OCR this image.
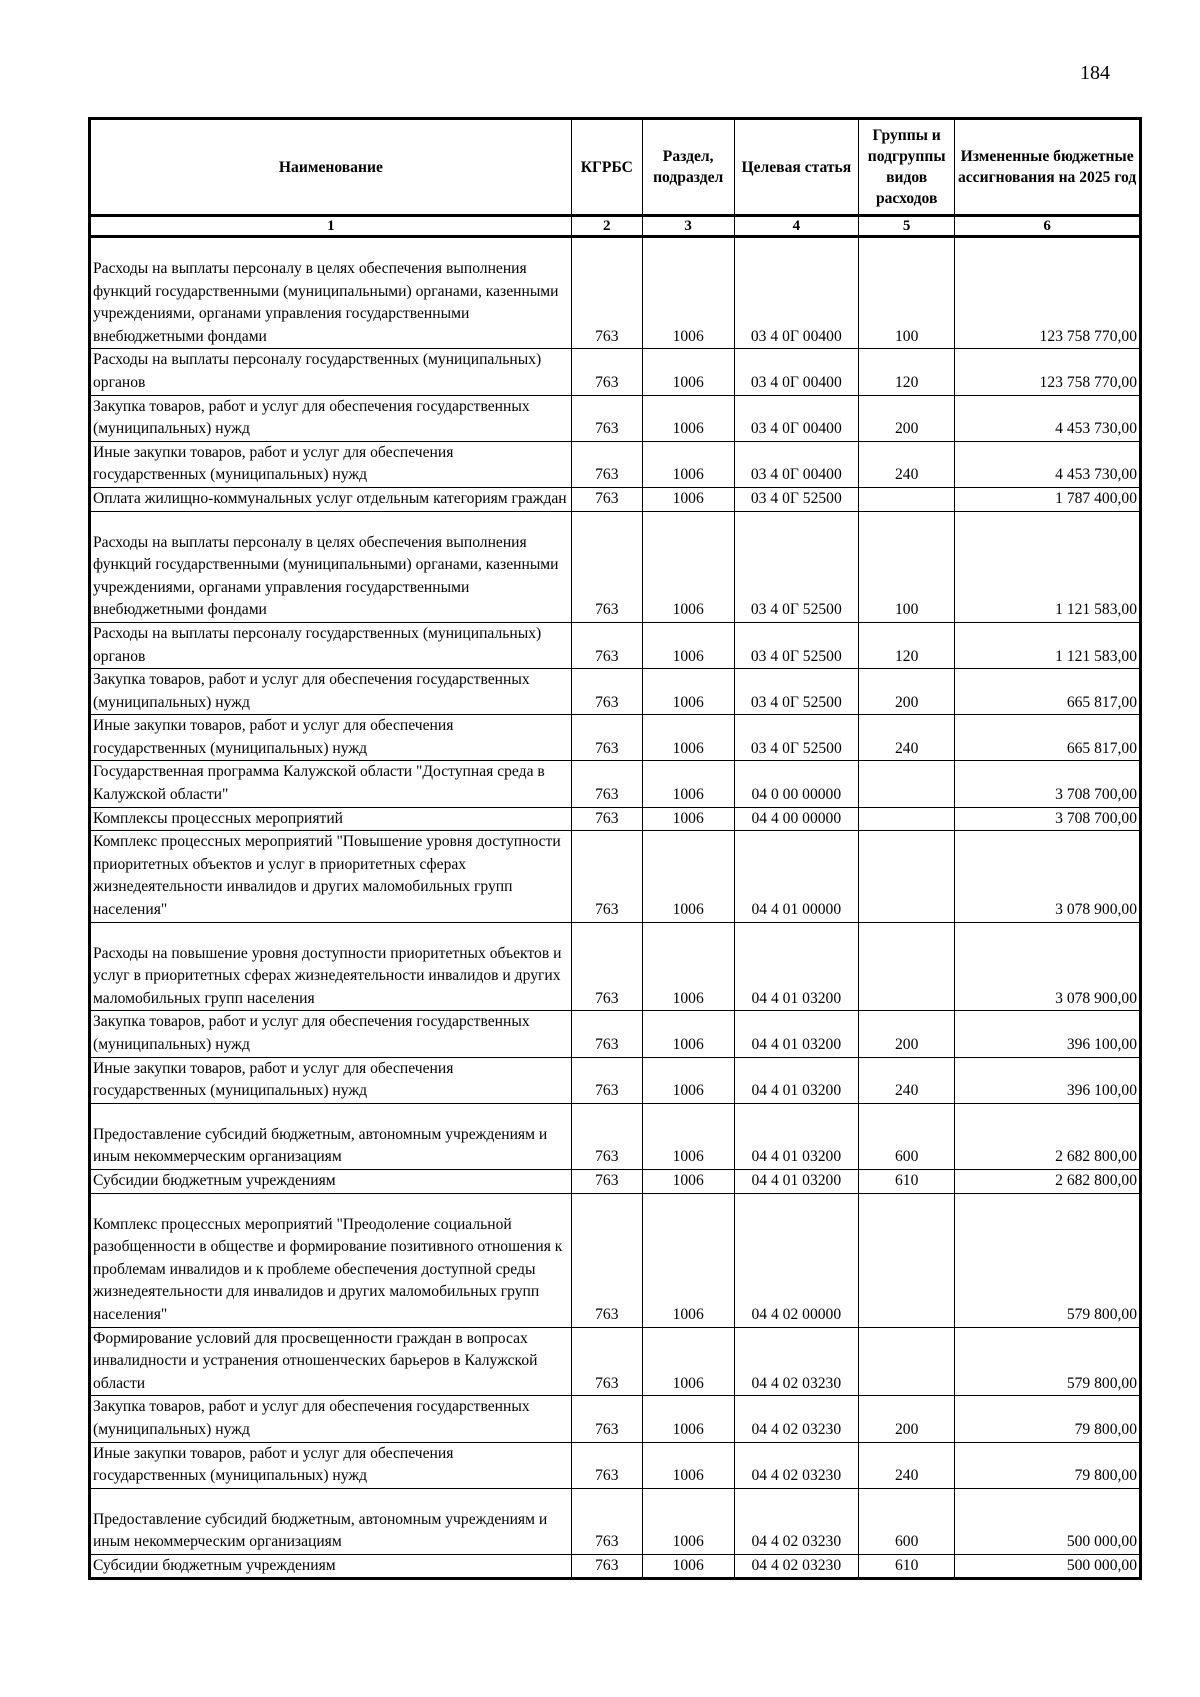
184
Наименование	КГРБС	Раздел, подраздел	Целевая статья	Группы и подгруппы видов расходов	Измененные бюджетные ассигнования на 2025 год
1	2	3	4	5	6
Расходы на выплаты персоналу в целях обеспечения выполнения функций государственными (муниципальными) органами, казенными учреждениями, органами управления государственными внебюджетными фондами	763	1006	03 4 0Г 00400	100	123 758 770,00
Расходы на выплаты персоналу государственных (муниципальных) органов	763	1006	03 4 0Г 00400	120	123 758 770,00
Закупка товаров, работ и услуг для обеспечения государственных (муниципальных) нужд	763	1006	03 4 0Г 00400	200	4 453 730,00
Иные закупки товаров, работ и услуг для обеспечения государственных (муниципальных) нужд	763	1006	03 4 0Г 00400	240	4 453 730,00
Оплата жилищно-коммунальных услуг отдельным категориям граждан	763	1006	03 4 0Г 52500		1 787 400,00
Расходы на выплаты персоналу в целях обеспечения выполнения функций государственными (муниципальными) органами, казенными учреждениями, органами управления государственными внебюджетными фондами	763	1006	03 4 0Г 52500	100	1 121 583,00
Расходы на выплаты персоналу государственных (муниципальных) органов	763	1006	03 4 0Г 52500	120	1 121 583,00
Закупка товаров, работ и услуг для обеспечения государственных (муниципальных) нужд	763	1006	03 4 0Г 52500	200	665 817,00
Иные закупки товаров, работ и услуг для обеспечения государственных (муниципальных) нужд	763	1006	03 4 0Г 52500	240	665 817,00
Государственная программа Калужской области "Доступная среда в Калужской области"	763	1006	04 0 00 00000		3 708 700,00
Комплексы процессных мероприятий	763	1006	04 4 00 00000		3 708 700,00
Комплекс процессных мероприятий "Повышение уровня доступности приоритетных объектов и услуг в приоритетных сферах жизнедеятельности инвалидов и других маломобильных групп населения"	763	1006	04 4 01 00000		3 078 900,00
Расходы на повышение уровня доступности приоритетных объектов и услуг в приоритетных сферах жизнедеятельности инвалидов и других маломобильных групп населения	763	1006	04 4 01 03200		3 078 900,00
Закупка товаров, работ и услуг для обеспечения государственных (муниципальных) нужд	763	1006	04 4 01 03200	200	396 100,00
Иные закупки товаров, работ и услуг для обеспечения государственных (муниципальных) нужд	763	1006	04 4 01 03200	240	396 100,00
Предоставление субсидий бюджетным, автономным учреждениям и иным некоммерческим организациям	763	1006	04 4 01 03200	600	2 682 800,00
Субсидии бюджетным учреждениям	763	1006	04 4 01 03200	610	2 682 800,00
Комплекс процессных мероприятий "Преодоление социальной разобщенности в обществе и формирование позитивного отношения к проблемам инвалидов и к проблеме обеспечения доступной среды жизнедеятельности для инвалидов и других маломобильных групп населения"	763	1006	04 4 02 00000		579 800,00
Формирование условий для просвещенности граждан в вопросах инвалидности и устранения отношенческих барьеров в Калужской области	763	1006	04 4 02 03230		579 800,00
Закупка товаров, работ и услуг для обеспечения государственных (муниципальных) нужд	763	1006	04 4 02 03230	200	79 800,00
Иные закупки товаров, работ и услуг для обеспечения государственных (муниципальных) нужд	763	1006	04 4 02 03230	240	79 800,00
Предоставление субсидий бюджетным, автономным учреждениям и иным некоммерческим организациям	763	1006	04 4 02 03230	600	500 000,00
Субсидии бюджетным учреждениям	763	1006	04 4 02 03230	610	500 000,00
